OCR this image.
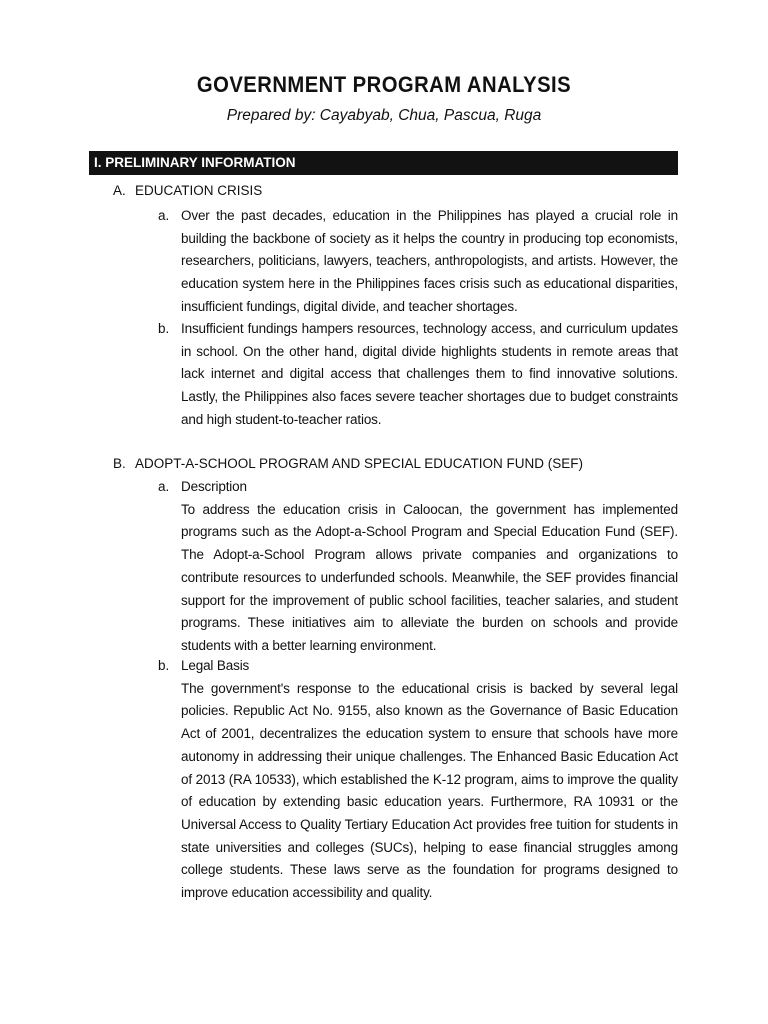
GOVERNMENT PROGRAM ANALYSIS
Prepared by: Cayabyab, Chua, Pascua, Ruga
I. PRELIMINARY INFORMATION
A. EDUCATION CRISIS
a. Over the past decades, education in the Philippines has played a crucial role in building the backbone of society as it helps the country in producing top economists, researchers, politicians, lawyers, teachers, anthropologists, and artists. However, the education system here in the Philippines faces crisis such as educational disparities, insufficient fundings, digital divide, and teacher shortages.
b. Insufficient fundings hampers resources, technology access, and curriculum updates in school. On the other hand, digital divide highlights students in remote areas that lack internet and digital access that challenges them to find innovative solutions. Lastly, the Philippines also faces severe teacher shortages due to budget constraints and high student-to-teacher ratios.
B. ADOPT-A-SCHOOL PROGRAM AND SPECIAL EDUCATION FUND (SEF)
a. Description
To address the education crisis in Caloocan, the government has implemented programs such as the Adopt-a-School Program and Special Education Fund (SEF). The Adopt-a-School Program allows private companies and organizations to contribute resources to underfunded schools. Meanwhile, the SEF provides financial support for the improvement of public school facilities, teacher salaries, and student programs. These initiatives aim to alleviate the burden on schools and provide students with a better learning environment.
b. Legal Basis
The government's response to the educational crisis is backed by several legal policies. Republic Act No. 9155, also known as the Governance of Basic Education Act of 2001, decentralizes the education system to ensure that schools have more autonomy in addressing their unique challenges. The Enhanced Basic Education Act of 2013 (RA 10533), which established the K-12 program, aims to improve the quality of education by extending basic education years. Furthermore, RA 10931 or the Universal Access to Quality Tertiary Education Act provides free tuition for students in state universities and colleges (SUCs), helping to ease financial struggles among college students. These laws serve as the foundation for programs designed to improve education accessibility and quality.
